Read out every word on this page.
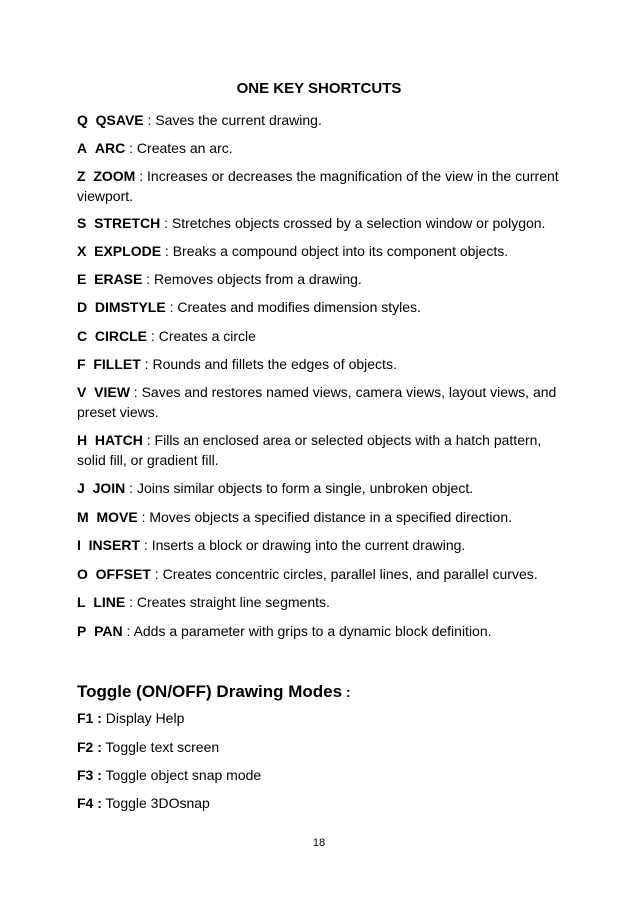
ONE KEY SHORTCUTS

Q QSAVE : Saves the current drawing.

A ARC : Creates an arc.

Z ZOOM : Increases or decreases the magnification of the view in the current viewport.

S STRETCH : Stretches objects crossed by a selection window or polygon.

X EXPLODE : Breaks a compound object into its component objects.

E ERASE : Removes objects from a drawing.

D DIMSTYLE : Creates and modifies dimension styles.

C CIRCLE : Creates a circle

F FILLET : Rounds and fillets the edges of objects.

V VIEW : Saves and restores named views, camera views, layout views, and preset views.

H HATCH : Fills an enclosed area or selected objects with a hatch pattern, solid fill, or gradient fill.

J JOIN : Joins similar objects to form a single, unbroken object.

M MOVE : Moves objects a specified distance in a specified direction.

I INSERT : Inserts a block or drawing into the current drawing.

O OFFSET : Creates concentric circles, parallel lines, and parallel curves.

L LINE : Creates straight line segments.

P PAN : Adds a parameter with grips to a dynamic block definition.

Toggle (ON/OFF) Drawing Modes :

F1 : Display Help

F2 : Toggle text screen

F3 : Toggle object snap mode

F4 : Toggle 3DOsnap

18
